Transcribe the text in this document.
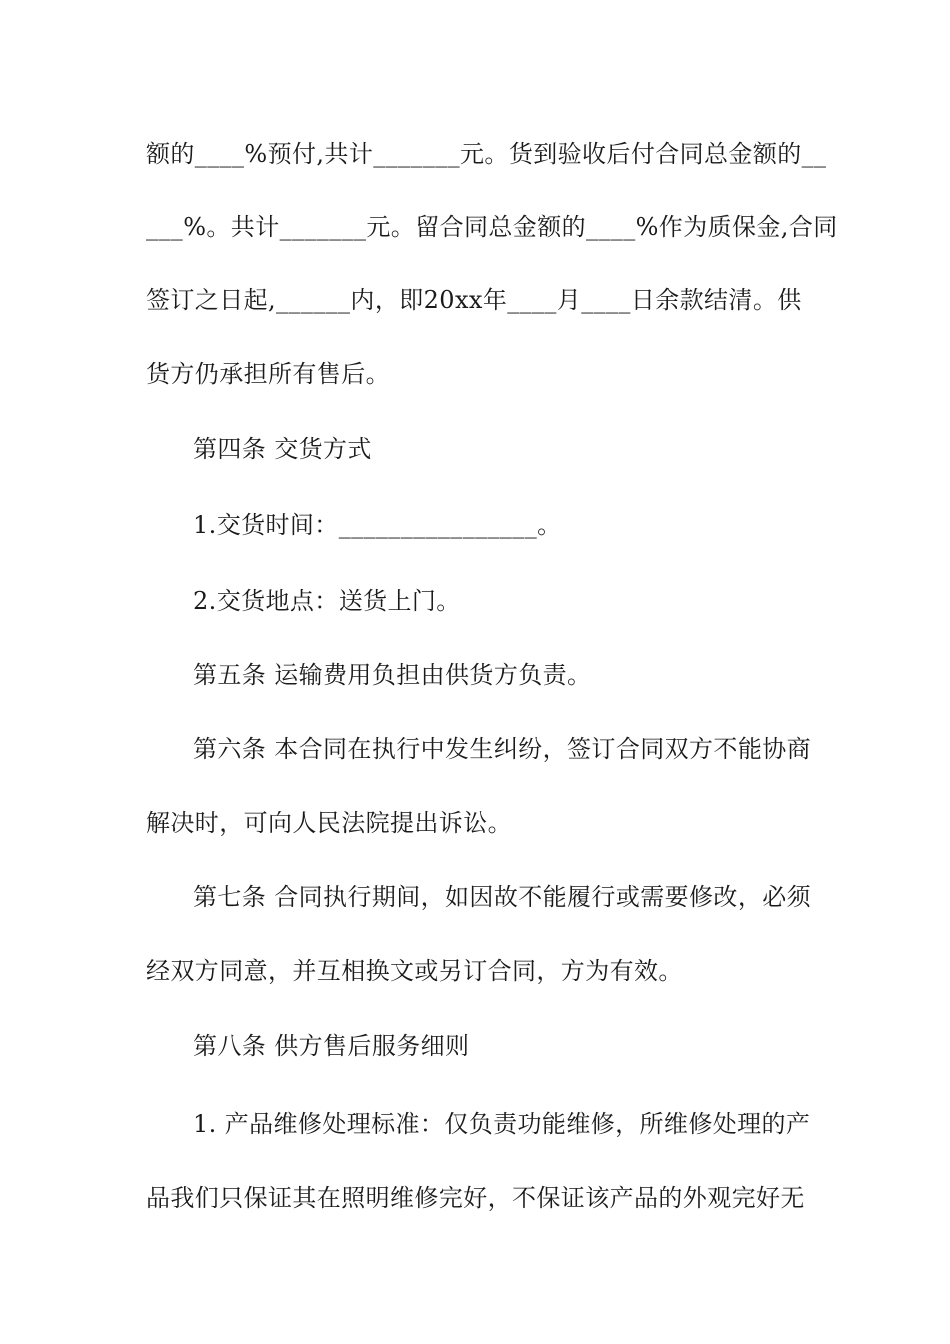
额的____%预付,共计_______元。货到验收后付合同总金额的__
___%。共计_______元。留合同总金额的____%作为质保金,合同
签订之日起,______内，即20xx年____月____日余款结清。供
货方仍承担所有售后。
第四条 交货方式
1.交货时间：________________。
2.交货地点：送货上门。
第五条 运输费用负担由供货方负责。
第六条 本合同在执行中发生纠纷，签订合同双方不能协商
解决时，可向人民法院提出诉讼。
第七条 合同执行期间，如因故不能履行或需要修改，必须
经双方同意，并互相换文或另订合同，方为有效。
第八条 供方售后服务细则
1. 产品维修处理标准：仅负责功能维修，所维修处理的产
品我们只保证其在照明维修完好，不保证该产品的外观完好无
